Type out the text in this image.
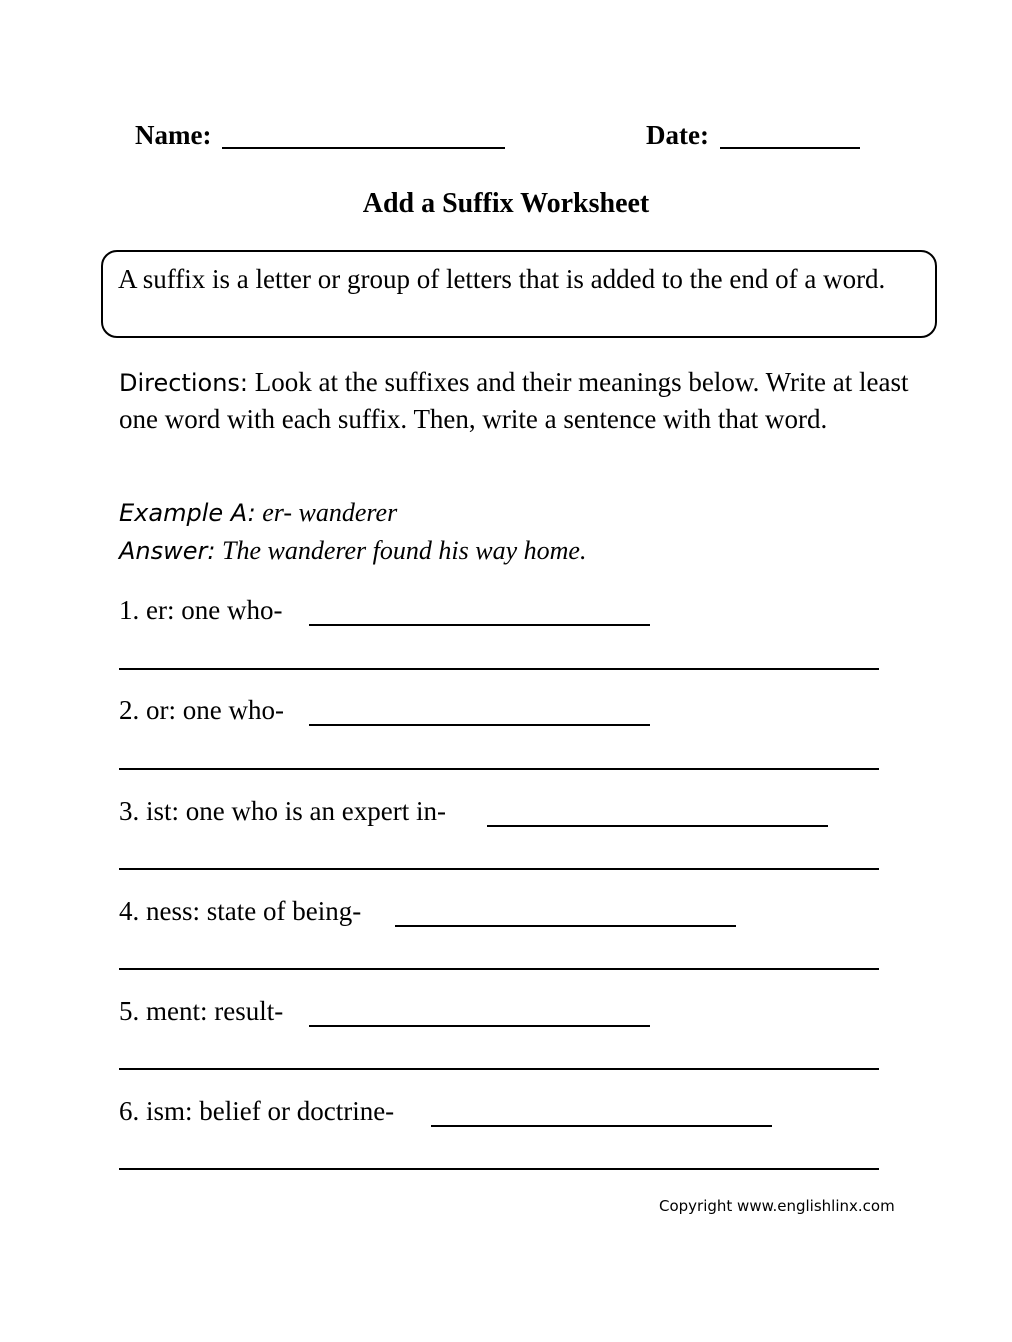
Name:	Date:
Add a Suffix Worksheet
A suffix is a letter or group of letters that is added to the end of a word.
Directions: Look at the suffixes and their meanings below. Write at least one word with each suffix. Then, write a sentence with that word.
Example A: er- wanderer
Answer: The wanderer found his way home.
1. er: one who-
2. or: one who-
3. ist: one who is an expert in-
4. ness: state of being-
5. ment: result-
6. ism: belief or doctrine-
Copyright www.englishlinx.com
